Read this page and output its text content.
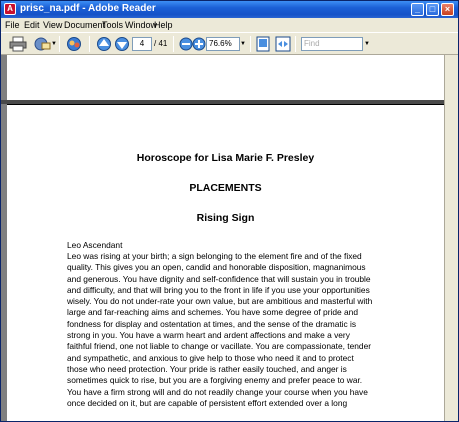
A prisc_na.pdf - Adobe Reader	_	□	×
File Edit View Document
Tools Window
Help
▼	4	/ 41	76.6%	▼	Find	▼
Horoscope for Lisa Marie F. Presley
PLACEMENTS
Rising Sign
Leo Ascendant
Leo was rising at your birth; a sign belonging to the element fire and of the fixed
quality. This gives you an open, candid and honorable disposition, magnanimous
and generous. You have dignity and self-confidence that will sustain you in trouble
and difficulty, and that will bring you to the front in life if you use your opportunities
wisely. You do not under-rate your own value, but are ambitious and masterful with
large and far-reaching aims and schemes. You have some degree of pride and
fondness for display and ostentation at times, and the sense of the dramatic is
strong in you. You have a warm heart and ardent affections and make a very
faithful friend, one not liable to change or vacillate. You are compassionate, tender
and sympathetic, and anxious to give help to those who need it and to protect
those who need protection. Your pride is rather easily touched, and anger is
sometimes quick to rise, but you are a forgiving enemy and prefer peace to war.
You have a firm strong will and do not readily change your course when you have
once decided on it, but are capable of persistent effort extended over a long
